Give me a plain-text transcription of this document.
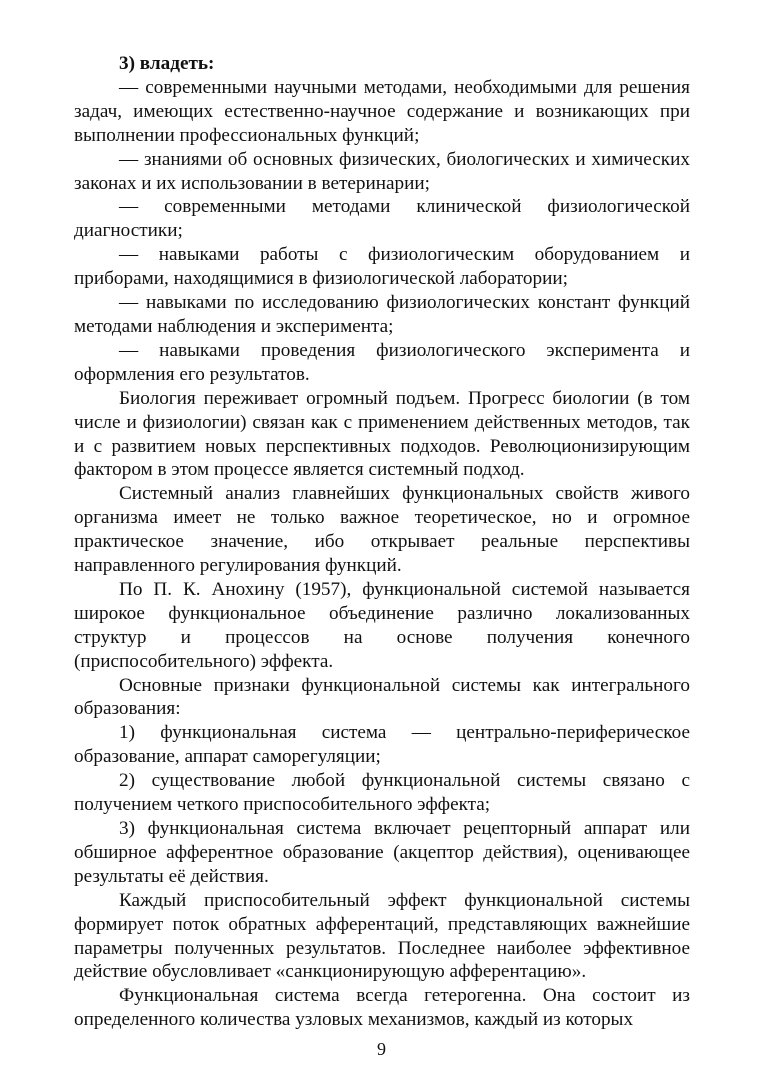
3) владеть:

— современными научными методами, необходимыми для решения задач, имеющих естественно-научное содержание и возникающих при выполнении профессиональных функций;

— знаниями об основных физических, биологических и химических законах и их использовании в ветеринарии;

— современными методами клинической физиологической диагностики;

— навыками работы с физиологическим оборудованием и приборами, находящимися в физиологической лаборатории;

— навыками по исследованию физиологических констант функций методами наблюдения и эксперимента;

— навыками проведения физиологического эксперимента и оформления его результатов.

Биология переживает огромный подъем. Прогресс биологии (в том числе и физиологии) связан как с применением действенных методов, так и с развитием новых перспективных подходов. Революционизирующим фактором в этом процессе является системный подход.

Системный анализ главнейших функциональных свойств живого организма имеет не только важное теоретическое, но и огромное практическое значение, ибо открывает реальные перспективы направленного регулирования функций.

По П. К. Анохину (1957), функциональной системой называется широкое функциональное объединение различно локализованных структур и процессов на основе получения конечного (приспособительного) эффекта.

Основные признаки функциональной системы как интегрального образования:

1) функциональная система — центрально-периферическое образование, аппарат саморегуляции;

2) существование любой функциональной системы связано с получением четкого приспособительного эффекта;

3) функциональная система включает рецепторный аппарат или обширное афферентное образование (акцептор действия), оценивающее результаты её действия.

Каждый приспособительный эффект функциональной системы формирует поток обратных афферентаций, представляющих важнейшие параметры полученных результатов. Последнее наиболее эффективное действие обусловливает «санкционирующую афферентацию».

Функциональная система всегда гетерогенна. Она состоит из определенного количества узловых механизмов, каждый из которых

9
